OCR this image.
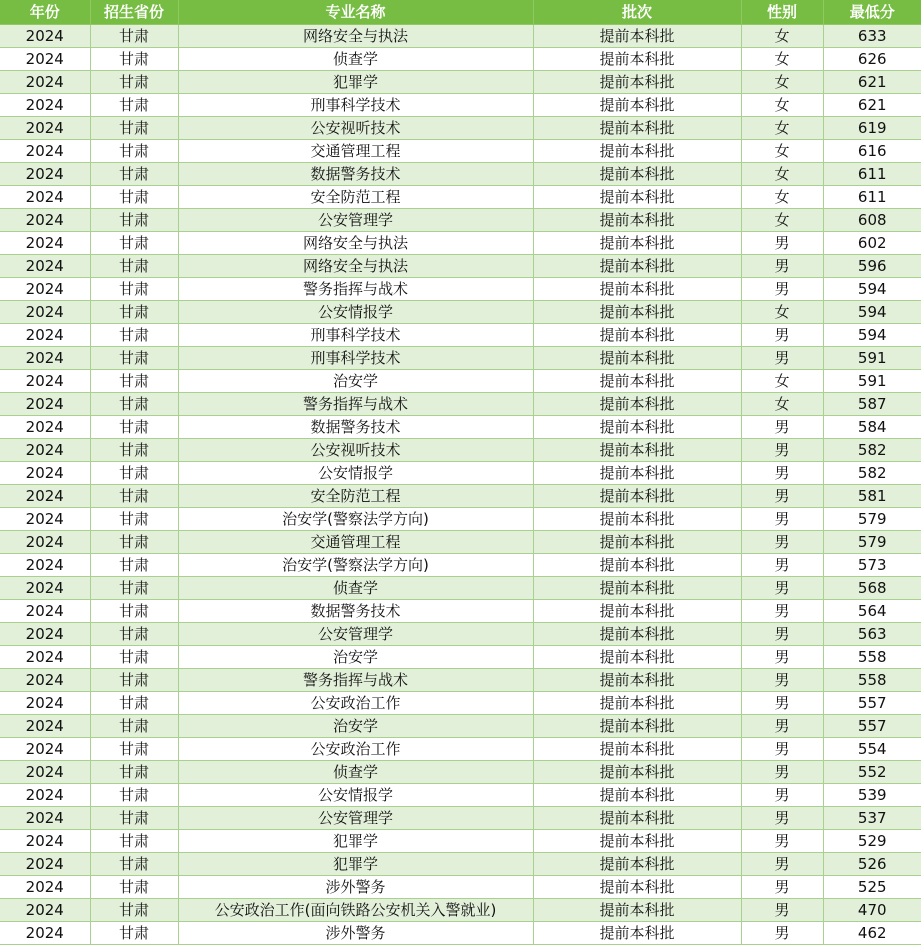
年份	招生省份	专业名称	批次	性别	最低分
2024	甘肃	网络安全与执法	提前本科批	女	633
2024	甘肃	侦查学	提前本科批	女	626
2024	甘肃	犯罪学	提前本科批	女	621
2024	甘肃	刑事科学技术	提前本科批	女	621
2024	甘肃	公安视听技术	提前本科批	女	619
2024	甘肃	交通管理工程	提前本科批	女	616
2024	甘肃	数据警务技术	提前本科批	女	611
2024	甘肃	安全防范工程	提前本科批	女	611
2024	甘肃	公安管理学	提前本科批	女	608
2024	甘肃	网络安全与执法	提前本科批	男	602
2024	甘肃	网络安全与执法	提前本科批	男	596
2024	甘肃	警务指挥与战术	提前本科批	男	594
2024	甘肃	公安情报学	提前本科批	女	594
2024	甘肃	刑事科学技术	提前本科批	男	594
2024	甘肃	刑事科学技术	提前本科批	男	591
2024	甘肃	治安学	提前本科批	女	591
2024	甘肃	警务指挥与战术	提前本科批	女	587
2024	甘肃	数据警务技术	提前本科批	男	584
2024	甘肃	公安视听技术	提前本科批	男	582
2024	甘肃	公安情报学	提前本科批	男	582
2024	甘肃	安全防范工程	提前本科批	男	581
2024	甘肃	治安学(警察法学方向)	提前本科批	男	579
2024	甘肃	交通管理工程	提前本科批	男	579
2024	甘肃	治安学(警察法学方向)	提前本科批	男	573
2024	甘肃	侦查学	提前本科批	男	568
2024	甘肃	数据警务技术	提前本科批	男	564
2024	甘肃	公安管理学	提前本科批	男	563
2024	甘肃	治安学	提前本科批	男	558
2024	甘肃	警务指挥与战术	提前本科批	男	558
2024	甘肃	公安政治工作	提前本科批	男	557
2024	甘肃	治安学	提前本科批	男	557
2024	甘肃	公安政治工作	提前本科批	男	554
2024	甘肃	侦查学	提前本科批	男	552
2024	甘肃	公安情报学	提前本科批	男	539
2024	甘肃	公安管理学	提前本科批	男	537
2024	甘肃	犯罪学	提前本科批	男	529
2024	甘肃	犯罪学	提前本科批	男	526
2024	甘肃	涉外警务	提前本科批	男	525
2024	甘肃	公安政治工作(面向铁路公安机关入警就业)	提前本科批	男	470
2024	甘肃	涉外警务	提前本科批	男	462
